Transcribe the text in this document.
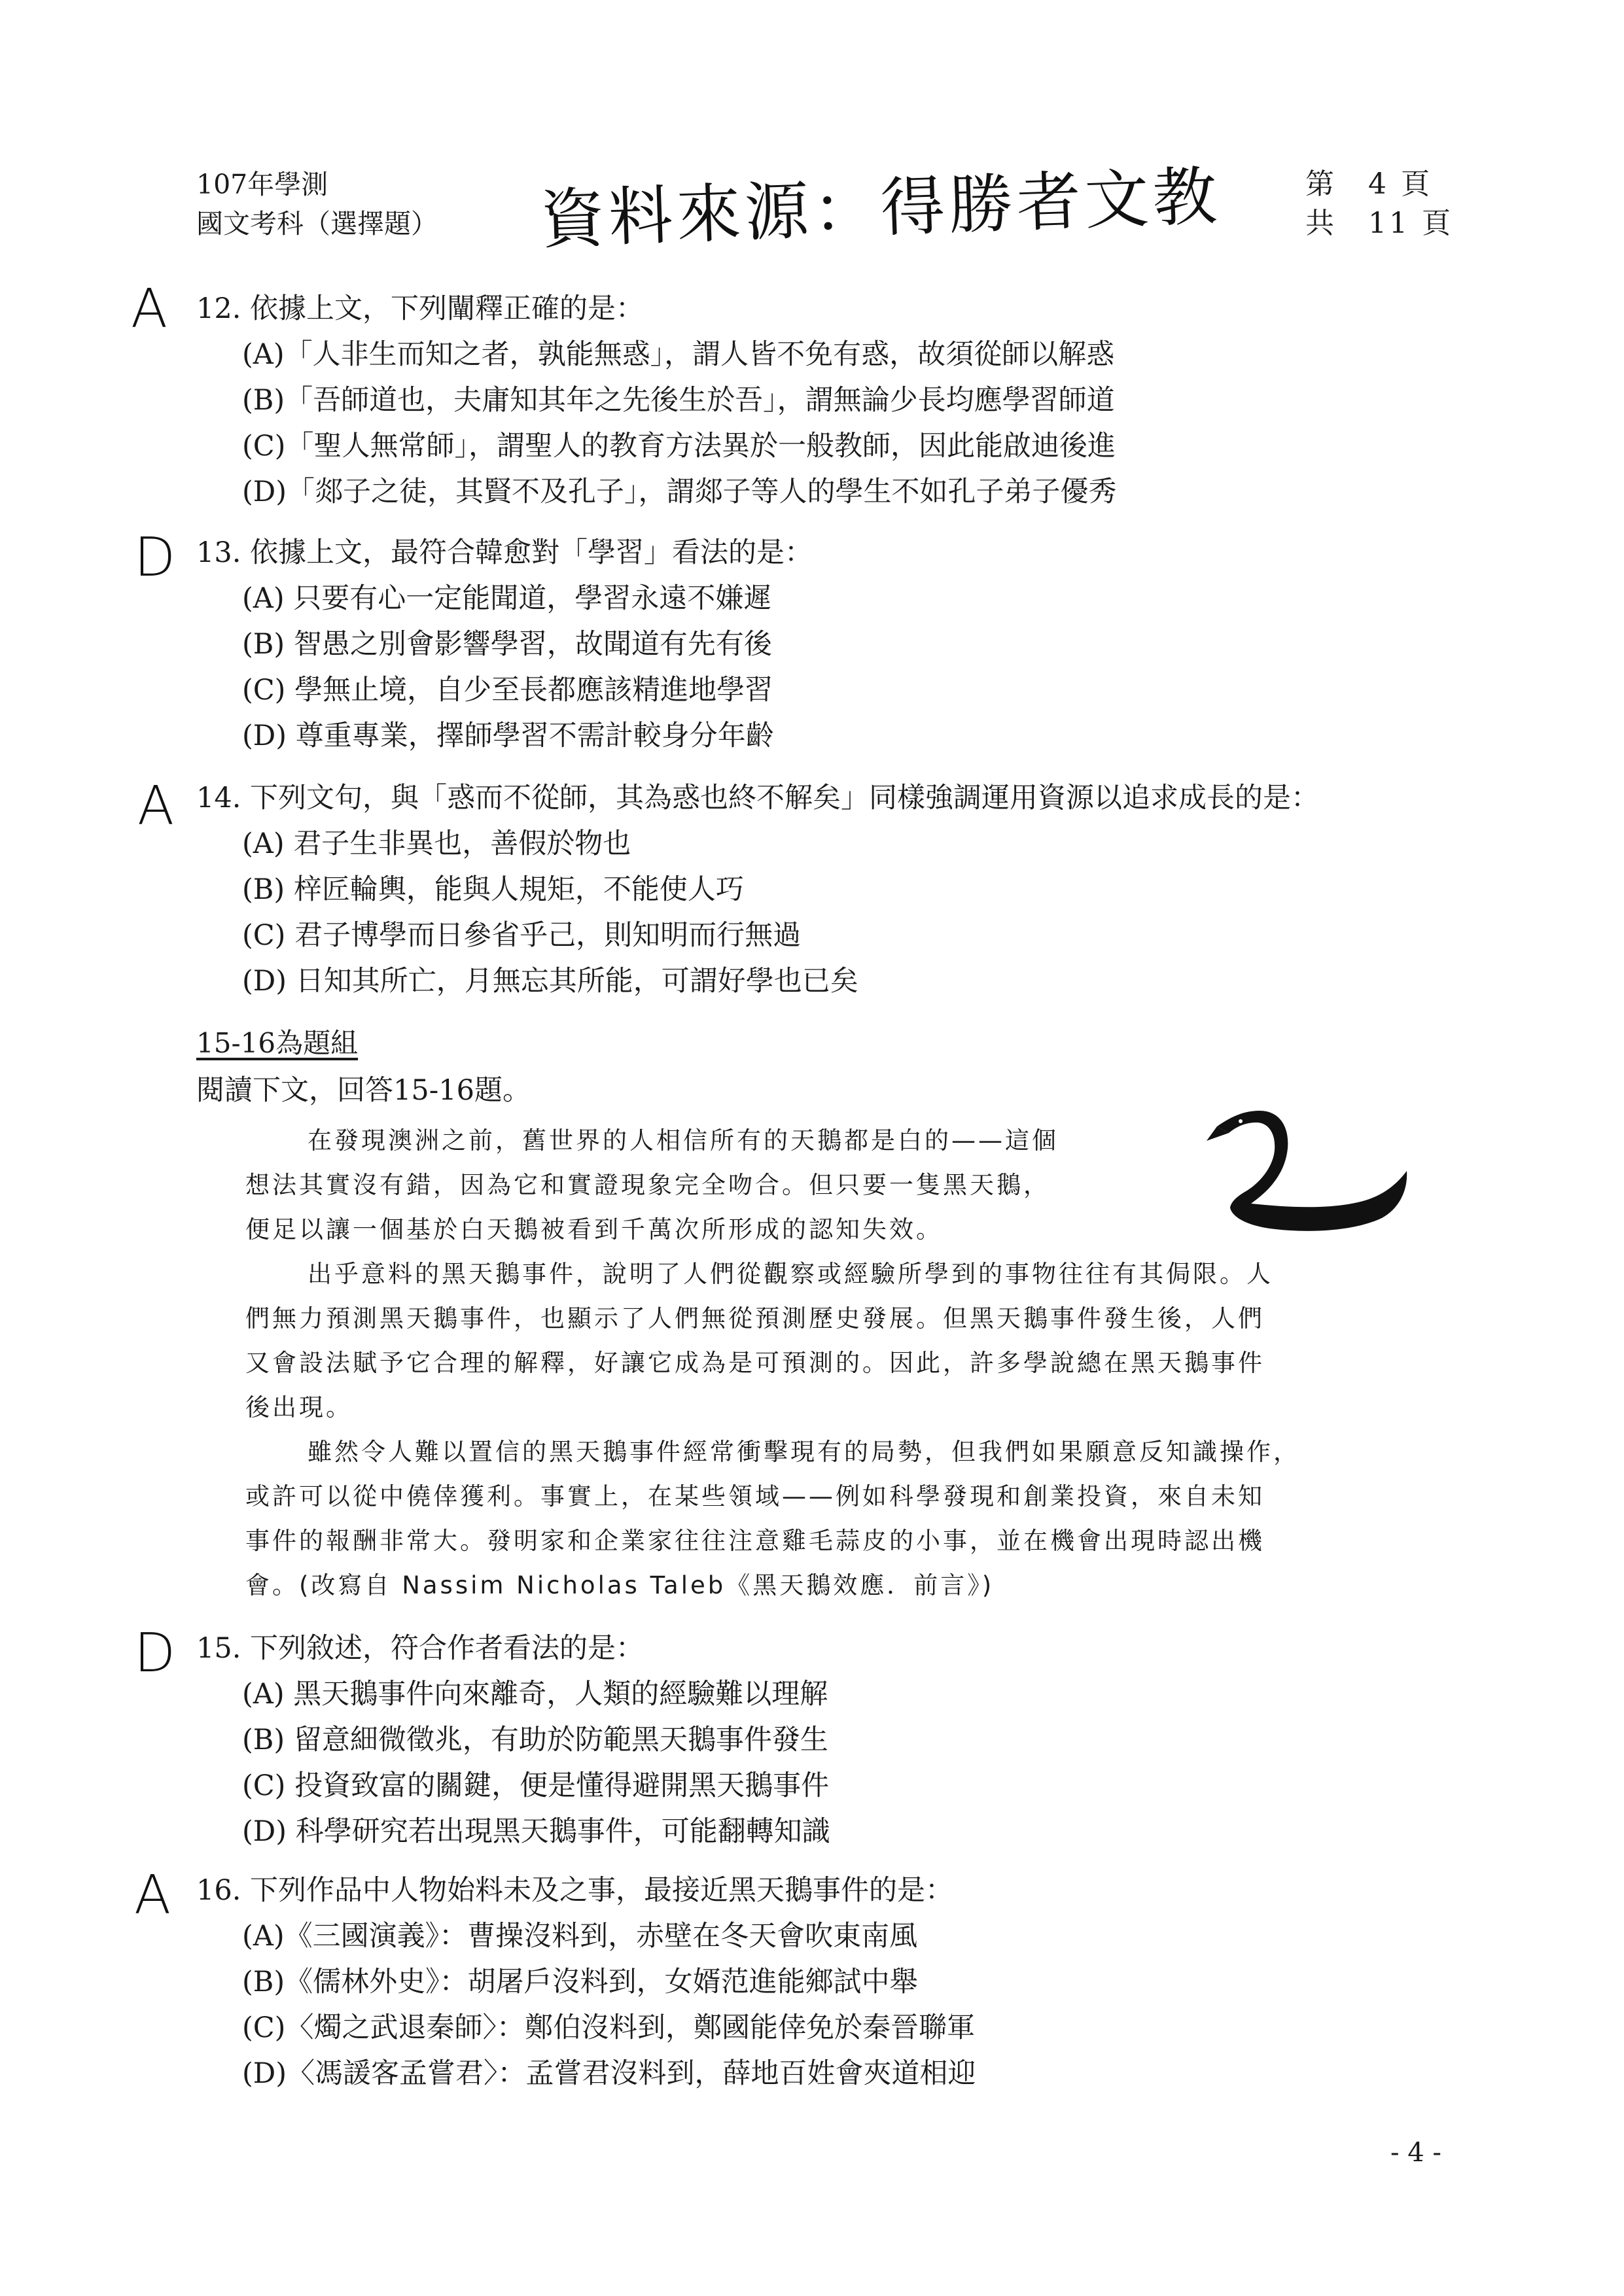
107年學測
國文考科（選擇題） 資料來源：得勝者文教	第　4 頁
共　11 頁
A 12. 依據上文，下列闡釋正確的是：
(A)「人非生而知之者，孰能無惑」，謂人皆不免有惑，故須從師以解惑
(B)「吾師道也，夫庸知其年之先後生於吾」，謂無論少長均應學習師道
(C)「聖人無常師」，謂聖人的教育方法異於一般教師，因此能啟迪後進
(D)「郯子之徒，其賢不及孔子」，謂郯子等人的學生不如孔子弟子優秀
D 13. 依據上文，最符合韓愈對「學習」看法的是：
(A) 只要有心一定能聞道，學習永遠不嫌遲
(B) 智愚之別會影響學習，故聞道有先有後
(C) 學無止境，自少至長都應該精進地學習
(D) 尊重專業，擇師學習不需計較身分年齡
A 14. 下列文句，與「惑而不從師，其為惑也終不解矣」同樣強調運用資源以追求成長的是：
(A) 君子生非異也，善假於物也
(B) 梓匠輪輿，能與人規矩，不能使人巧
(C) 君子博學而日參省乎己，則知明而行無過
(D) 日知其所亡，月無忘其所能，可謂好學也已矣
15-16為題組
閱讀下文，回答15-16題。
在發現澳洲之前，舊世界的人相信所有的天鵝都是白的——這個
想法其實沒有錯，因為它和實證現象完全吻合。但只要一隻黑天鵝，
便足以讓一個基於白天鵝被看到千萬次所形成的認知失效。
出乎意料的黑天鵝事件，說明了人們從觀察或經驗所學到的事物往往有其侷限。人
們無力預測黑天鵝事件，也顯示了人們無從預測歷史發展。但黑天鵝事件發生後，人們
又會設法賦予它合理的解釋，好讓它成為是可預測的。因此，許多學說總在黑天鵝事件
後出現。
雖然令人難以置信的黑天鵝事件經常衝擊現有的局勢，但我們如果願意反知識操作，
或許可以從中僥倖獲利。事實上，在某些領域——例如科學發現和創業投資，來自未知
事件的報酬非常大。發明家和企業家往往注意雞毛蒜皮的小事，並在機會出現時認出機
會。(改寫自 Nassim Nicholas Taleb《黑天鵝效應．前言》)
D 15. 下列敘述，符合作者看法的是：
(A) 黑天鵝事件向來離奇，人類的經驗難以理解
(B) 留意細微徵兆，有助於防範黑天鵝事件發生
(C) 投資致富的關鍵，便是懂得避開黑天鵝事件
(D) 科學研究若出現黑天鵝事件，可能翻轉知識
A 16. 下列作品中人物始料未及之事，最接近黑天鵝事件的是：
(A)《三國演義》：曹操沒料到，赤壁在冬天會吹東南風
(B)《儒林外史》：胡屠戶沒料到，女婿范進能鄉試中舉
(C)〈燭之武退秦師〉：鄭伯沒料到，鄭國能倖免於秦晉聯軍
(D)〈馮諼客孟嘗君〉：孟嘗君沒料到，薛地百姓會夾道相迎
- 4 -
